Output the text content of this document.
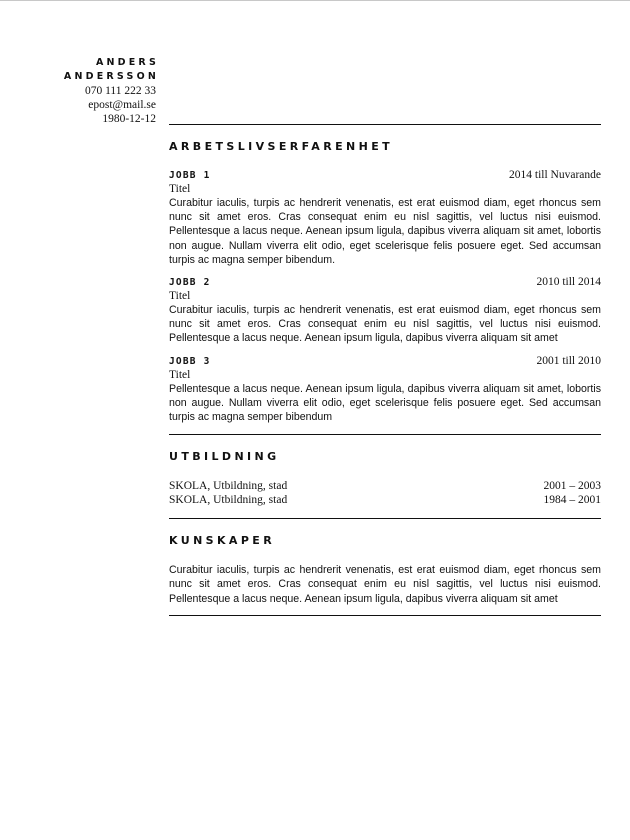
ANDERS
ANDERSSON
070 111 222 33
epost@mail.se
1980-12-12
ARBETSLIVSERFARENHET
JOBB 1	2014 till Nuvarande
Titel

Curabitur iaculis, turpis ac hendrerit venenatis, est erat euismod diam, eget rhoncus sem nunc sit amet eros. Cras consequat enim eu nisl sagittis, vel luctus nisi euismod. Pellentesque a lacus neque. Aenean ipsum ligula, dapibus viverra aliquam sit amet, lobortis non augue. Nullam viverra elit odio, eget scelerisque felis posuere eget. Sed accumsan turpis ac magna semper bibendum.

JOBB 2	2010 till 2014
Titel

Curabitur iaculis, turpis ac hendrerit venenatis, est erat euismod diam, eget rhoncus sem nunc sit amet eros. Cras consequat enim eu nisl sagittis, vel luctus nisi euismod. Pellentesque a lacus neque. Aenean ipsum ligula, dapibus viverra aliquam sit amet

JOBB 3	2001 till 2010
Titel

Pellentesque a lacus neque. Aenean ipsum ligula, dapibus viverra aliquam sit amet, lobortis non augue. Nullam viverra elit odio, eget scelerisque felis posuere eget. Sed accumsan turpis ac magna semper bibendum

UTBILDNING
SKOLA, Utbildning, stad	2001 – 2003
SKOLA, Utbildning, stad	1984 – 2001
KUNSKAPER

Curabitur iaculis, turpis ac hendrerit venenatis, est erat euismod diam, eget rhoncus sem nunc sit amet eros. Cras consequat enim eu nisl sagittis, vel luctus nisi euismod. Pellentesque a lacus neque. Aenean ipsum ligula, dapibus viverra aliquam sit amet
